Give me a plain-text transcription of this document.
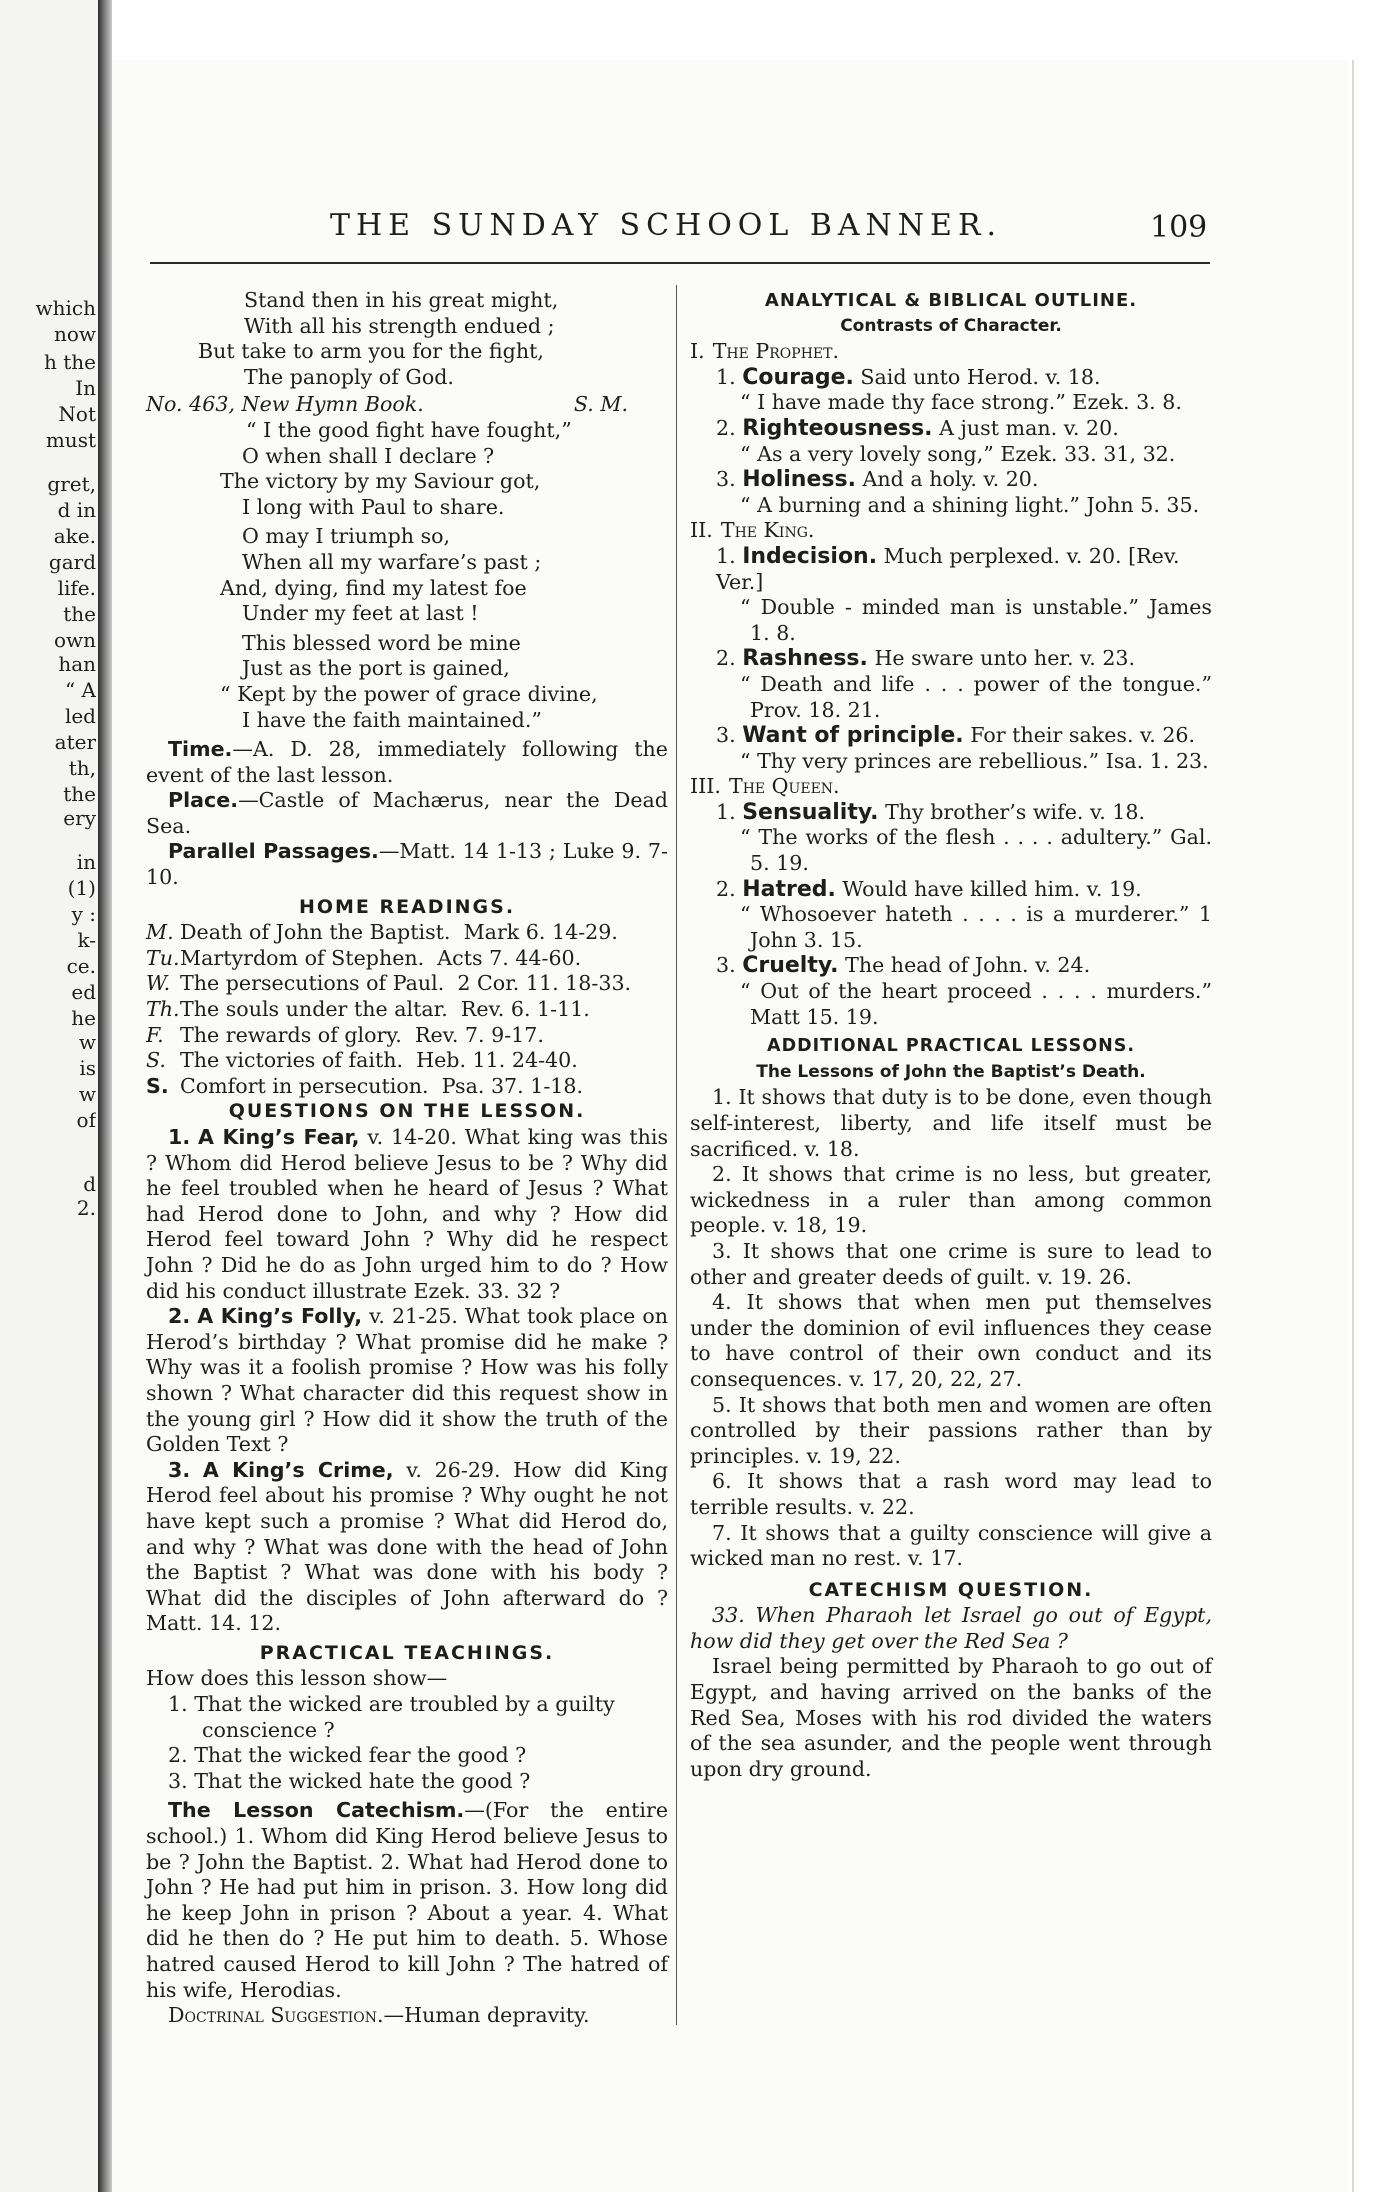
which
now
h the
In
Not
must
gret,
d in
ake.
gard
life.
the
own
han
“ A
led
ater
th,
the
ery
in
(1)
y :
k-
ce.
ed
he
w
is
w
of
d
2.
THE SUNDAY SCHOOL BANNER.	109

Stand then in his great might,

With all his strength endued ;

But take to arm you for the fight,

The panoply of God.

No. 463, New Hymn Book.	S. M.

“ I the good fight have fought,”

O when shall I declare ?

The victory by my Saviour got,

I long with Paul to share.

O may I triumph so,

When all my warfare’s past ;

And, dying, find my latest foe

Under my feet at last !

This blessed word be mine

Just as the port is gained,

“ Kept by the power of grace divine,

I have the faith maintained.”

Time.—A. D. 28, immediately following the event of the last lesson.

Place.—Castle of Machærus, near the Dead Sea.

Parallel Passages.—Matt. 14 1-13 ; Luke 9. 7-10.

HOME READINGS.

M. Death of John the Baptist. Mark 6. 14-29.

Tu.Martyrdom of Stephen. Acts 7. 44-60.

W. The persecutions of Paul. 2 Cor. 11. 18-33.

Th.The souls under the altar. Rev. 6. 1-11.

F. The rewards of glory. Rev. 7. 9-17.

S. The victories of faith. Heb. 11. 24-40.

S. Comfort in persecution. Psa. 37. 1-18.

QUESTIONS ON THE LESSON.

1. A King’s Fear, v. 14-20. What king was this ? Whom did Herod believe Jesus to be ? Why did he feel troubled when he heard of Jesus ? What had Herod done to John, and why ? How did Herod feel toward John ? Why did he respect John ? Did he do as John urged him to do ? How did his conduct illustrate Ezek. 33. 32 ?

2. A King’s Folly, v. 21-25. What took place on Herod’s birthday ? What promise did he make ? Why was it a foolish promise ? How was his folly shown ? What character did this request show in the young girl ? How did it show the truth of the Golden Text ?

3. A King’s Crime, v. 26-29. How did King Herod feel about his promise ? Why ought he not have kept such a promise ? What did Herod do, and why ? What was done with the head of John the Baptist ? What was done with his body ? What did the disciples of John afterward do ? Matt. 14. 12.

PRACTICAL TEACHINGS.

How does this lesson show—

1. That the wicked are troubled by a guilty conscience ?

2. That the wicked fear the good ?

3. That the wicked hate the good ?

The Lesson Catechism.—(For the entire school.) 1. Whom did King Herod believe Jesus to be ? John the Baptist. 2. What had Herod done to John ? He had put him in prison. 3. How long did he keep John in prison ? About a year. 4. What did he then do ? He put him to death. 5. Whose hatred caused Herod to kill John ? The hatred of his wife, Herodias.

Doctrinal Suggestion.—Human depravity.

ANALYTICAL & BIBLICAL OUTLINE.

Contrasts of Character.

I. The Prophet.

1. Courage. Said unto Herod. v. 18.

“ I have made thy face strong.” Ezek. 3. 8.

2. Righteousness. A just man. v. 20.

“ As a very lovely song,” Ezek. 33. 31, 32.

3. Holiness. And a holy. v. 20.

“ A burning and a shining light.” John 5. 35.

II. The King.

1. Indecision. Much perplexed. v. 20. [Rev. Ver.]

“ Double - minded man is unstable.” James 1. 8.

2. Rashness. He sware unto her. v. 23.

“ Death and life . . . power of the tongue.” Prov. 18. 21.

3. Want of principle. For their sakes. v. 26.

“ Thy very princes are rebellious.” Isa. 1. 23.

III. The Queen.

1. Sensuality. Thy brother’s wife. v. 18.

“ The works of the flesh . . . . adultery.” Gal. 5. 19.

2. Hatred. Would have killed him. v. 19.

“ Whosoever hateth . . . . is a murderer.” 1 John 3. 15.

3. Cruelty. The head of John. v. 24.

“ Out of the heart proceed . . . . murders.” Matt 15. 19.

ADDITIONAL PRACTICAL LESSONS.

The Lessons of John the Baptist’s Death.

1. It shows that duty is to be done, even though self-interest, liberty, and life itself must be sacrificed. v. 18.

2. It shows that crime is no less, but greater, wickedness in a ruler than among common people. v. 18, 19.

3. It shows that one crime is sure to lead to other and greater deeds of guilt. v. 19. 26.

4. It shows that when men put themselves under the dominion of evil influences they cease to have control of their own conduct and its consequences. v. 17, 20, 22, 27.

5. It shows that both men and women are often controlled by their passions rather than by principles. v. 19, 22.

6. It shows that a rash word may lead to terrible results. v. 22.

7. It shows that a guilty conscience will give a wicked man no rest. v. 17.

CATECHISM QUESTION.

33. When Pharaoh let Israel go out of Egypt, how did they get over the Red Sea ?

Israel being permitted by Pharaoh to go out of Egypt, and having arrived on the banks of the Red Sea, Moses with his rod divided the waters of the sea asunder, and the people went through upon dry ground.
